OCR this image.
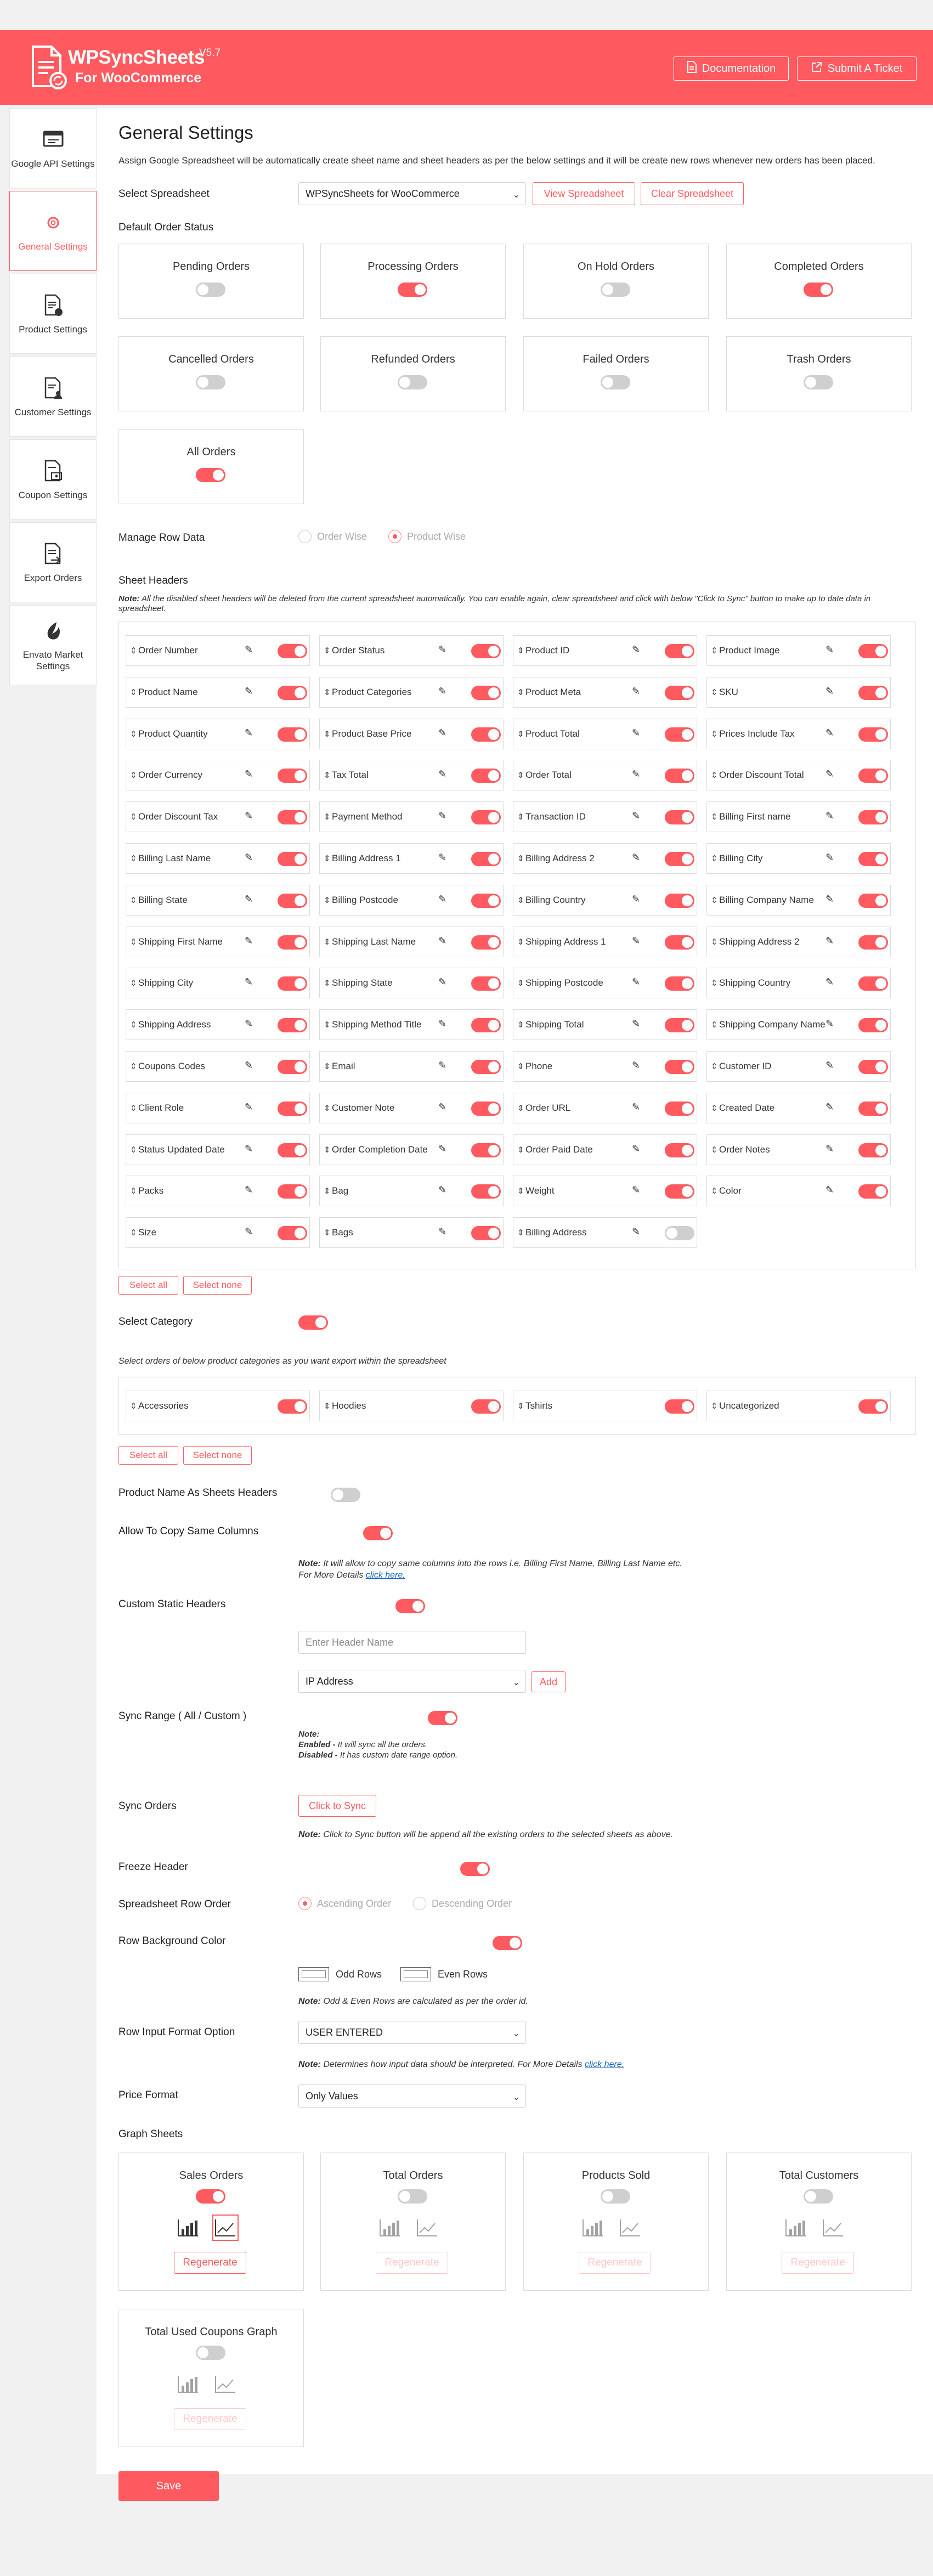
WPSyncSheets
V5.7
For WooCommerce
Documentation	Submit A Ticket
Google API Settings
General Settings
Product Settings
Customer Settings
Coupon Settings
Export Orders
Envato Market Settings
General Settings
Assign Google Spreadsheet will be automatically create sheet name and sheet headers as per the below settings and it will be create new rows whenever new orders has been placed.
Select Spreadsheet	WPSyncSheets for WooCommerce	⌄	View Spreadsheet	Clear Spreadsheet
Default Order Status
Pending Orders	Processing Orders	On Hold Orders	Completed Orders
Cancelled Orders	Refunded Orders	Failed Orders	Trash Orders
All Orders
Manage Row Data	Order Wise	Product Wise
Sheet Headers
Note: All the disabled sheet headers will be deleted from the current spreadsheet automatically. You can enable again, clear spreadsheet and click with below "Click to Sync" button to make up to date data in spreadsheet.
⇕ Order Number	✎	⇕ Order Status	✎	⇕ Product ID	✎	⇕ Product Image	✎
⇕ Product Name	✎	⇕ Product Categories	✎	⇕ Product Meta	✎	⇕ SKU	✎
⇕ Product Quantity	✎	⇕ Product Base Price	✎	⇕ Product Total	✎	⇕ Prices Include Tax	✎
⇕ Order Currency	✎	⇕ Tax Total	✎	⇕ Order Total	✎	⇕ Order Discount Total ✎
⇕ Order Discount Tax	✎	⇕ Payment Method	✎	⇕ Transaction ID	✎	⇕ Billing First name	✎
⇕ Billing Last Name	✎	⇕ Billing Address 1	✎	⇕ Billing Address 2	✎	⇕ Billing City	✎
⇕ Billing State	✎	⇕ Billing Postcode	✎	⇕ Billing Country	✎	⇕ Billing Company Name ✎
⇕ Shipping First Name ✎	⇕ Shipping Last Name ✎	⇕ Shipping Address 1	✎	⇕ Shipping Address 2	✎
⇕ Shipping City	✎	⇕ Shipping State	✎	⇕ Shipping Postcode	✎	⇕ Shipping Country	✎
⇕ Shipping Address	✎	⇕ Shipping Method Title ✎	⇕ Shipping Total	✎	⇕ Shipping Company Name ✎
⇕ Coupons Codes	✎	⇕ Email	✎	⇕ Phone	✎	⇕ Customer ID	✎
⇕ Client Role	✎	⇕ Customer Note	✎	⇕ Order URL	✎	⇕ Created Date	✎
⇕ Status Updated Date ✎	⇕ Order Completion Date ✎	⇕ Order Paid Date	✎	⇕ Order Notes	✎
⇕ Packs	✎	⇕ Bag	✎	⇕ Weight	✎	⇕ Color	✎
⇕ Size	✎	⇕ Bags	✎	⇕ Billing Address	✎
Select all	Select none
Select Category

Select orders of below product categories as you want export within the spreadsheet
⇕ Accessories	⇕ Hoodies	⇕ Tshirts	⇕ Uncategorized
Select all	Select none
Product Name As Sheets Headers

Allow To Copy Same Columns

Note: It will allow to copy same columns into the rows i.e. Billing First Name, Billing Last Name etc.
For More Details click here.
Custom Static Headers

Enter Header Name
IP Address	⌄	Add
Sync Range ( All / Custom )

Note:
Enabled - It will sync all the orders.
Disabled - It has custom date range option.
Sync Orders	Click to Sync
Note: Click to Sync button will be append all the existing orders to the selected sheets as above.
Freeze Header

Spreadsheet Row Order	Ascending Order	Descending Order
Row Background Color
Odd Rows	Even Rows
Note: Odd & Even Rows are calculated as per the order id.
Row Input Format Option	USER ENTERED	⌄
Note: Determines how input data should be interpreted. For More Details click here.
Price Format	Only Values	⌄
Graph Sheets
Sales Orders
Regenerate
Total Orders
Regenerate
Products Sold
Regenerate
Total Customers
Regenerate
Total Used Coupons Graph
Regenerate
Save
